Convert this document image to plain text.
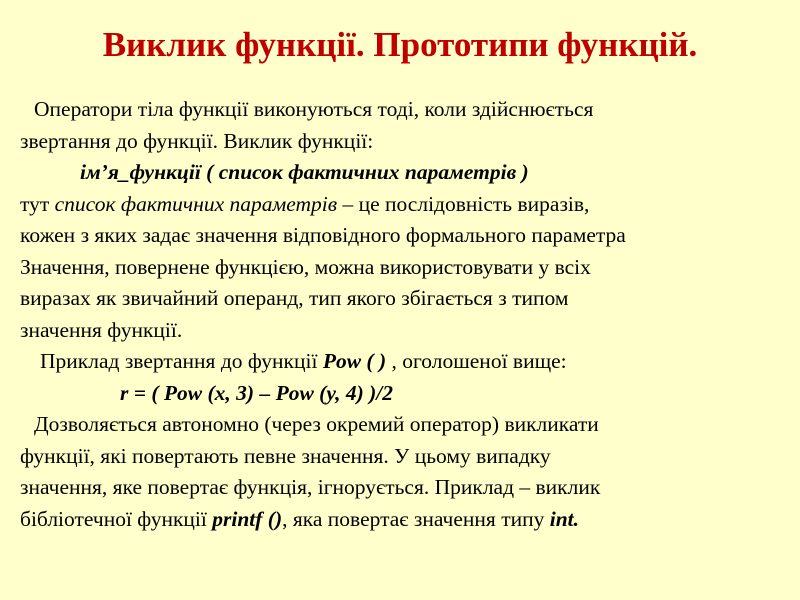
Виклик функції. Прототипи функцій.
Оператори тіла функції виконуються тоді, коли здійснюється
звертання до функції. Виклик функції:
ім’я_функції ( список фактичних параметрів )
тут список фактичних параметрів – це послідовність виразів,
кожен з яких задає значення відповідного формального параметра
Значення, повернене функцією, можна використовувати у всіх
виразах як звичайний операнд, тип якого збігається з типом
значення функції.
Приклад звертання до функції Pow ( ) , оголошеної вище:
r = ( Pow (x, 3) – Pow (y, 4) )/2
Дозволяється автономно (через окремий оператор) викликати
функції, які повертають певне значення. У цьому випадку
значення, яке повертає функція, ігнорується. Приклад – виклик
бібліотечної функції printf (), яка повертає значення типу int.
